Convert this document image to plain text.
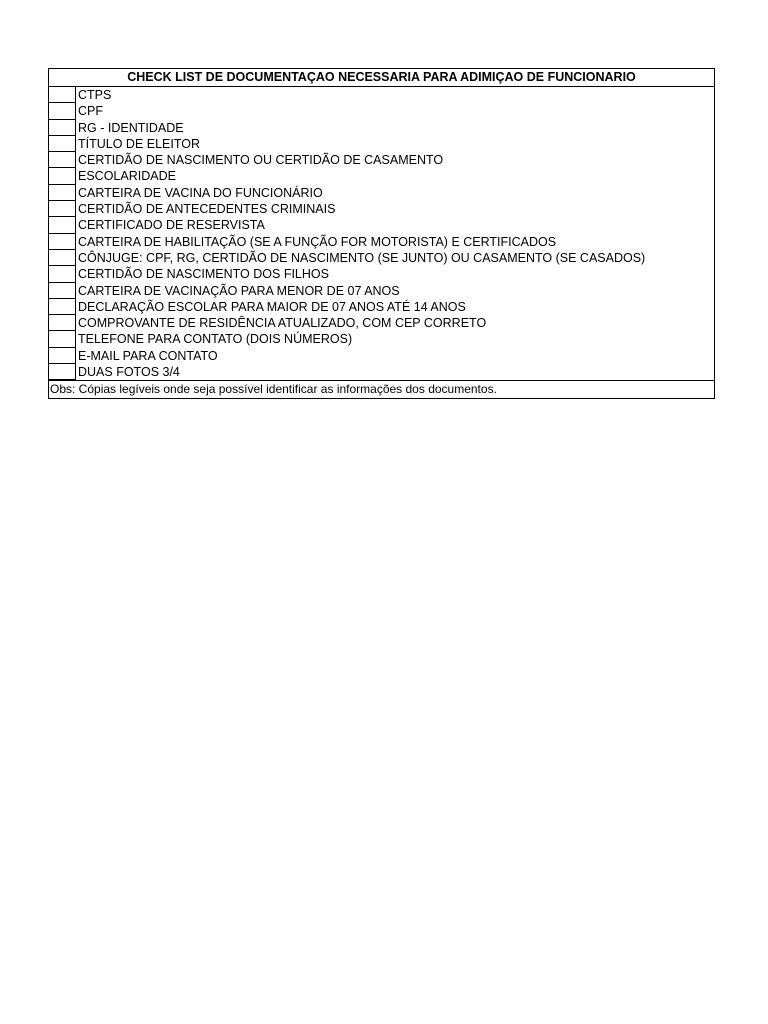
CHECK LIST DE DOCUMENTAÇAO NECESSARIA PARA ADIMIÇAO DE FUNCIONARIO
CTPS
CPF
RG - IDENTIDADE
TÍTULO DE ELEITOR
CERTIDÃO DE NASCIMENTO OU CERTIDÃO DE CASAMENTO
ESCOLARIDADE
CARTEIRA DE VACINA DO FUNCIONÁRIO
CERTIDÃO DE ANTECEDENTES CRIMINAIS
CERTIFICADO DE RESERVISTA
CARTEIRA DE HABILITAÇÃO (SE A FUNÇÃO FOR MOTORISTA) E CERTIFICADOS
CÔNJUGE: CPF, RG, CERTIDÃO DE NASCIMENTO (SE JUNTO) OU CASAMENTO (SE CASADOS)
CERTIDÃO DE NASCIMENTO DOS FILHOS
CARTEIRA DE VACINAÇÃO PARA MENOR DE 07 ANOS
DECLARAÇÃO ESCOLAR PARA MAIOR DE 07 ANOS ATÉ 14 ANOS
COMPROVANTE DE RESIDÊNCIA ATUALIZADO, COM CEP CORRETO
TELEFONE PARA CONTATO (DOIS NÚMEROS)
E-MAIL PARA CONTATO
DUAS FOTOS 3/4
Obs: Cópias legíveis onde seja possível identificar as informações dos documentos.
